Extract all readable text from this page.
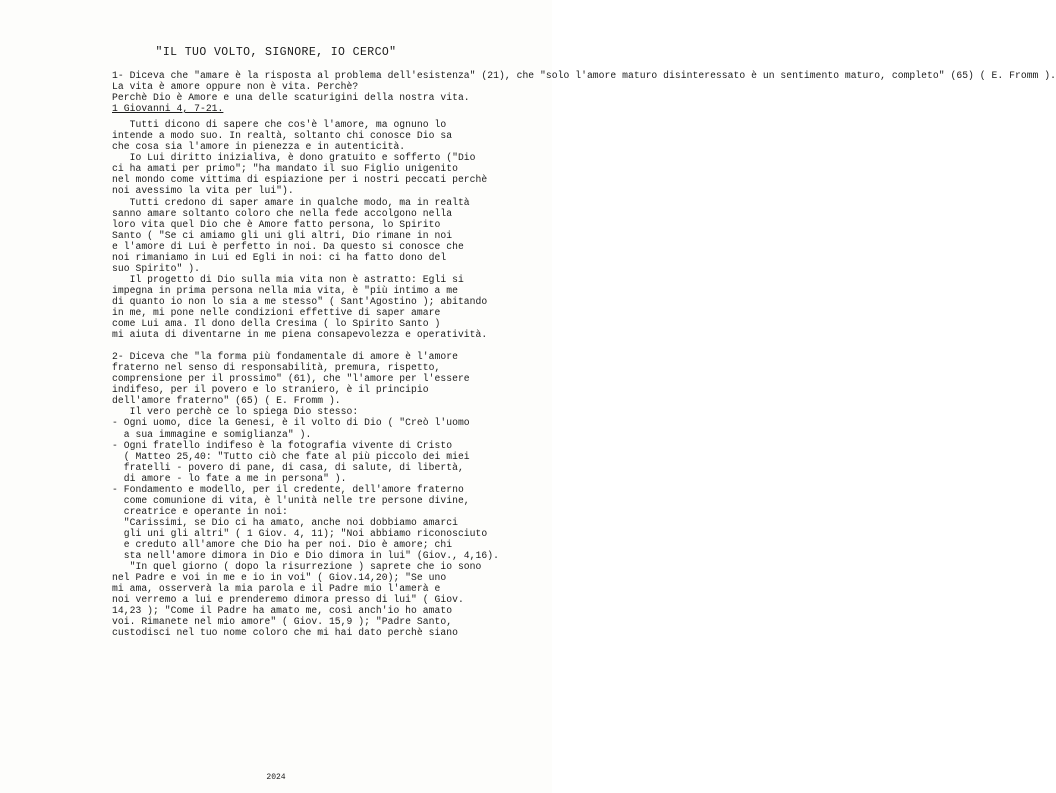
"IL TUO VOLTO, SIGNORE, IO CERCO"
1- Diceva che "amare è la risposta al problema dell'esistenza" (21), che "solo l'amore maturo disinteressato è un sentimento maturo, completo" (65) ( E. Fromm ).
La vita è amore oppure non è vita. Perchè?
Perchè Dio è Amore e una delle scaturigini della nostra vita.
1 Giovanni 4, 7-21.
Tutti dicono di sapere che cos'è l'amore, ma ognuno lo
intende a modo suo. In realtà, soltanto chi conosce Dio sa
che cosa sia l'amore in pienezza e in autenticità.
Io Lui diritto inizialiva, è dono gratuito e sofferto ("Dio
ci ha amati per primo"; "ha mandato il suo Figlio unigenito
nel mondo come vittima di espiazione per i nostri peccati perchè
noi avessimo la vita per lui").
Tutti credono di saper amare in qualche modo, ma in realtà
sanno amare soltanto coloro che nella fede accolgono nella
loro vita quel Dio che è Amore fatto persona, lo Spirito
Santo ( "Se ci amiamo gli uni gli altri, Dio rimane in noi
e l'amore di Lui è perfetto in noi. Da questo si conosce che
noi rimaniamo in Lui ed Egli in noi: ci ha fatto dono del
suo Spirito" ).
Il progetto di Dio sulla mia vita non è astratto: Egli si
impegna in prima persona nella mia vita, è "più intimo a me
di quanto io non lo sia a me stesso" ( Sant'Agostino ); abitando
in me, mi pone nelle condizioni effettive di saper amare
come Lui ama. Il dono della Cresima ( lo Spirito Santo )
mi aiuta di diventarne in me piena consapevolezza e operatività.
2- Diceva che "la forma più fondamentale di amore è l'amore
fraterno nel senso di responsabilità, premura, rispetto,
comprensione per il prossimo" (61), che "l'amore per l'essere
indifeso, per il povero e lo straniero, è il principio
dell'amore fraterno" (65) ( E. Fromm ).
Il vero perchè ce lo spiega Dio stesso:
- Ogni uomo, dice la Genesi, è il volto di Dio ( "Creò l'uomo
a sua immagine e somiglianza" ).
- Ogni fratello indifeso è la fotografia vivente di Cristo
( Matteo 25,40: "Tutto ciò che fate al più piccolo dei miei
fratelli - povero di pane, di casa, di salute, di libertà,
di amore - lo fate a me in persona" ).
- Fondamento e modello, per il credente, dell'amore fraterno
come comunione di vita, è l'unità nelle tre persone divine,
creatrice e operante in noi:
"Carissimi, se Dio ci ha amato, anche noi dobbiamo amarci
gli uni gli altri" ( 1 Giov. 4, 11); "Noi abbiamo riconosciuto
e creduto all'amore che Dio ha per noi. Dio è amore; chi
sta nell'amore dimora in Dio e Dio dimora in lui" (Giov., 4,16).
"In quel giorno ( dopo la risurrezione ) saprete che io sono
nel Padre e voi in me e io in voi" ( Giov.14,20); "Se uno
mi ama, osserverà la mia parola e il Padre mio l'amerà e
noi verremo a lui e prenderemo dimora presso di lui" ( Giov.
14,23 ); "Come il Padre ha amato me, così anch'io ho amato
voi. Rimanete nel mio amore" ( Giov. 15,9 ); "Padre Santo,
custodisci nel tuo nome coloro che mi hai dato perchè siano
2024
